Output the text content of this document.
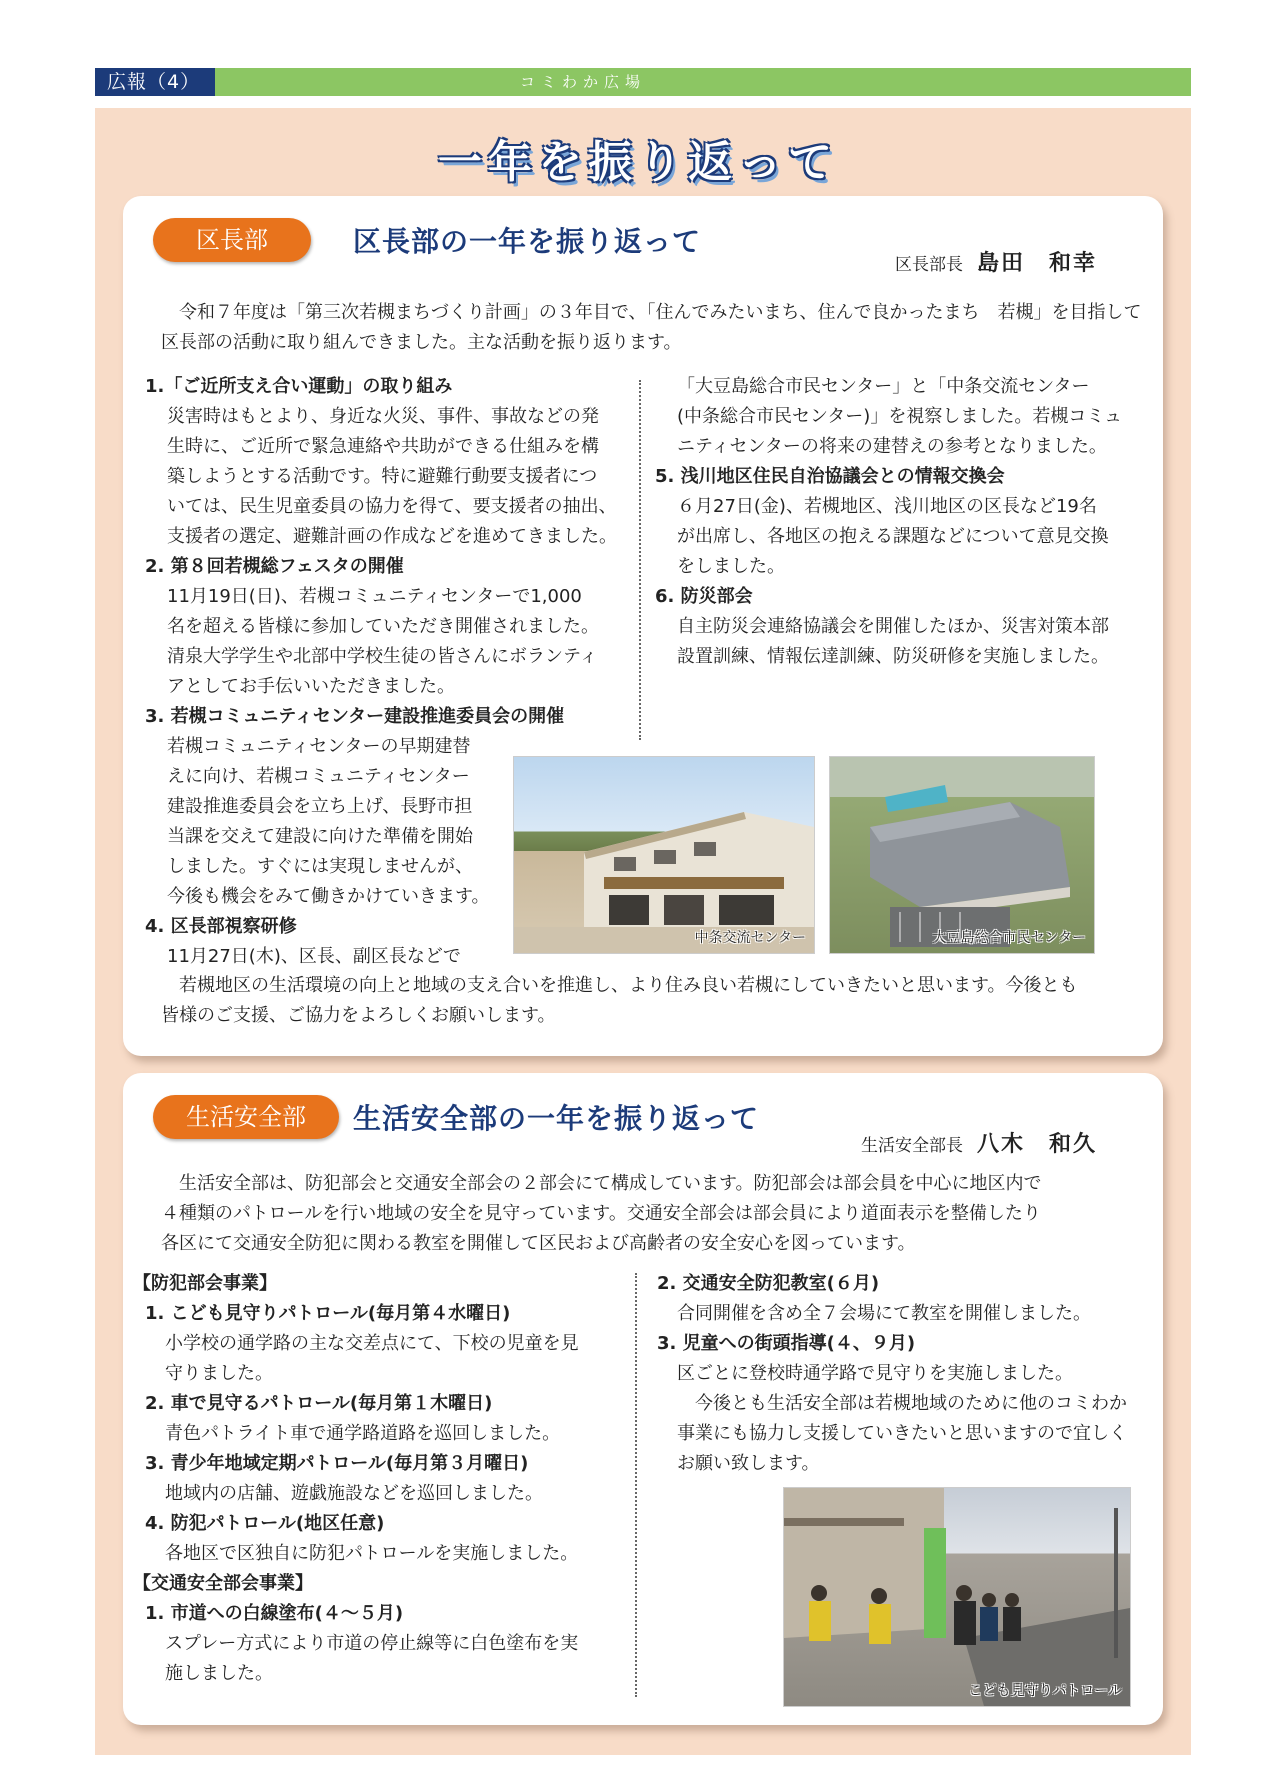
広報（4）	コミわか広場
一年を振り返って
区長部	区長部の一年を振り返って
区長部長 島田　和幸
令和７年度は「第三次若槻まちづくり計画」の３年目で、「住んでみたいまち、住んで良かったまち　若槻」を目指して
区長部の活動に取り組んできました。主な活動を振り返ります。
1.「ご近所支え合い運動」の取り組み
災害時はもとより、身近な火災、事件、事故などの発
生時に、ご近所で緊急連絡や共助ができる仕組みを構
築しようとする活動です。特に避難行動要支援者につ
いては、民生児童委員の協力を得て、要支援者の抽出、
支援者の選定、避難計画の作成などを進めてきました。
2. 第８回若槻総フェスタの開催
11月19日(日)、若槻コミュニティセンターで1,000
名を超える皆様に参加していただき開催されました。
清泉大学学生や北部中学校生徒の皆さんにボランティ
アとしてお手伝いいただきました。
3. 若槻コミュニティセンター建設推進委員会の開催
若槻コミュニティセンターの早期建替
えに向け、若槻コミュニティセンター
建設推進委員会を立ち上げ、長野市担
当課を交えて建設に向けた準備を開始
しました。すぐには実現しませんが、
今後も機会をみて働きかけていきます。
4. 区長部視察研修
11月27日(木)、区長、副区長などで
「大豆島総合市民センター」と「中条交流センター
(中条総合市民センター)」を視察しました。若槻コミュ
ニティセンターの将来の建替えの参考となりました。
5. 浅川地区住民自治協議会との情報交換会
６月27日(金)、若槻地区、浅川地区の区長など19名
が出席し、各地区の抱える課題などについて意見交換
をしました。
6. 防災部会
自主防災会連絡協議会を開催したほか、災害対策本部
設置訓練、情報伝達訓練、防災研修を実施しました。
中条交流センター	大豆島総合市民センター
若槻地区の生活環境の向上と地域の支え合いを推進し、より住み良い若槻にしていきたいと思います。今後とも
皆様のご支援、ご協力をよろしくお願いします。
生活安全部	生活安全部の一年を振り返って
生活安全部長 八木　和久
生活安全部は、防犯部会と交通安全部会の２部会にて構成しています。防犯部会は部会員を中心に地区内で
４種類のパトロールを行い地域の安全を見守っています。交通安全部会は部会員により道面表示を整備したり
各区にて交通安全防犯に関わる教室を開催して区民および高齢者の安全安心を図っています。
【防犯部会事業】
1. こども見守りパトロール(毎月第４水曜日)
小学校の通学路の主な交差点にて、下校の児童を見
守りました。
2. 車で見守るパトロール(毎月第１木曜日)
青色パトライト車で通学路道路を巡回しました。
3. 青少年地域定期パトロール(毎月第３月曜日)
地域内の店舗、遊戯施設などを巡回しました。
4. 防犯パトロール(地区任意)
各地区で区独自に防犯パトロールを実施しました。
【交通安全部会事業】
1. 市道への白線塗布(４～５月)
スプレー方式により市道の停止線等に白色塗布を実
施しました。
2. 交通安全防犯教室(６月)
合同開催を含め全７会場にて教室を開催しました。
3. 児童への街頭指導(４、９月)
区ごとに登校時通学路で見守りを実施しました。
　今後とも生活安全部は若槻地域のために他のコミわか
事業にも協力し支援していきたいと思いますので宜しく
お願い致します。
こども見守りパトロール
